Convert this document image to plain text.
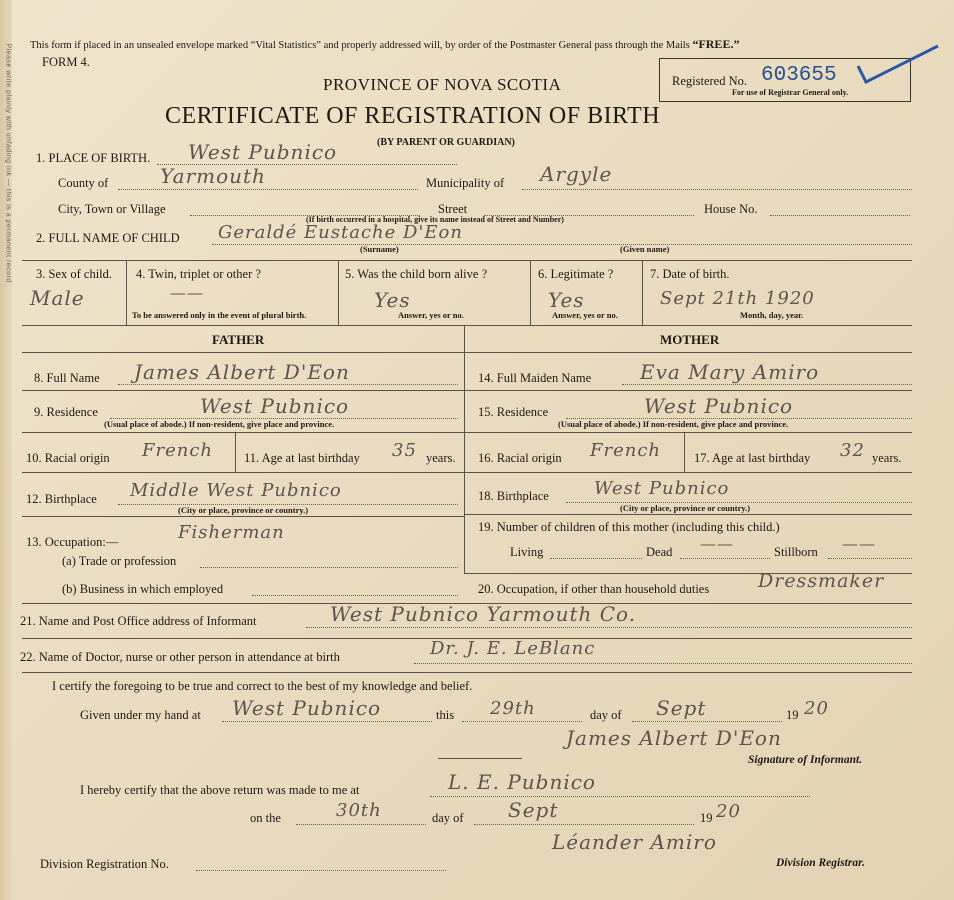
Please write plainly with unfading ink — this is a permanent record This form if placed in an unsealed envelope marked “Vital Statistics” and properly addressed will, by order of the Postmaster General pass through the Mails “FREE.”
FORM 4.
PROVINCE OF NOVA SCOTIA
CERTIFICATE OF REGISTRATION OF BIRTH
(BY PARENT OR GUARDIAN)
Registered No. 603655
For use of Registrar General only.
1. PLACE OF BIRTH. West Pubnico
County of	Yarmouth	Municipality of Argyle
City, Town or Village	Street	House No.
(If birth occurred in a hospital, give its name instead of Street and Number)
2. FULL NAME OF CHILD Geraldé Eustache D'Eon
(Surname)	(Given name)
3. Sex of child.
Male
4. Twin, triplet or other ?
——
To be answered only in the event of plural birth.
5. Was the child born alive ?
Yes
Answer, yes or no.
6. Legitimate ?
Yes
Answer, yes or no.
7. Date of birth.
Sept 21th 1920
Month, day, year.
FATHER	MOTHER
8. Full Name James Albert D'Eon
9. Residence	West Pubnico
(Usual place of abode.) If non-resident, give place and province.
10. Racial origin French 11. Age at last birthday 35 years.
12. Birthplace Middle West Pubnico
(City or place, province or country.)
13. Occupation:—	Fisherman
(a) Trade or profession
(b) Business in which employed
14. Full Maiden Name Eva Mary Amiro
15. Residence	West Pubnico
(Usual place of abode.) If non-resident, give place and province.
16. Racial origin French	17. Age at last birthday 32 years.
18. Birthplace	West Pubnico
(City or place, province or country.)
19. Number of children of this mother (including this child.)
Living	Dead ——	Stillborn ——
20. Occupation, if other than household duties	Dressmaker
21. Name and Post Office address of Informant	West Pubnico Yarmouth Co.
22. Name of Doctor, nurse or other person in attendance at birth	Dr. J. E. LeBlanc
I certify the foregoing to be true and correct to the best of my knowledge and belief.
Given under my hand at West Pubnico	this 29th	day of Sept	19 20
James Albert D'Eon
Signature of Informant.
I hereby certify that the above return was made to me at	L. E. Pubnico
on the	30th	day of Sept	19 20
Léander Amiro
Division Registration No.	Division Registrar.
